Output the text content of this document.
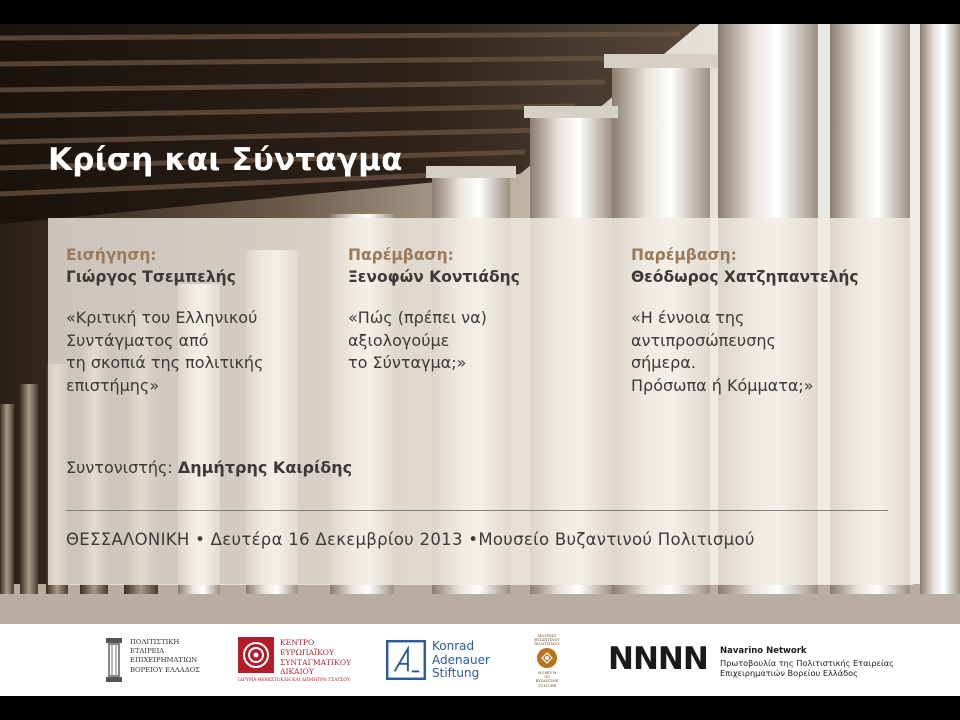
Κρίση και Σύνταγμα
Εισήγηση:
Γιώργος Τσεμπελής
«Κριτική του Ελληνικού
Συντάγματος από
τη σκοπιά της πολιτικής
επιστήμης»
Παρέμβαση:
Ξενοφών Κοντιάδης
«Πώς (πρέπει να)
αξιολογούμε
το Σύνταγμα;»
Παρέμβαση:
Θεόδωρος Χατζηπαντελής
«Η έννοια της
αντιπροσώπευσης
σήμερα.
Πρόσωπα ή Κόμματα;»
Συντονιστής: Δημήτρης Καιρίδης
ΘΕΣΣΑΛΟΝΙΚΗ • Δευτέρα 16 Δεκεμβρίου 2013 •Μουσείο Βυζαντινού Πολιτισμού
ΠΟΛΙΤΙΣΤΙΚΗ
ΕΤΑΙΡΕΙΑ
ΕΠΙΧΕΙΡΗΜΑΤΙΩΝ
ΒΟΡΕΙΟΥ ΕΛΛΑΔΟΣ
ΚΕΝΤΡΟ
ΕΥΡΩΠΑΪΚΟΥ
ΣΥΝΤΑΓΜΑΤΙΚΟΥ
ΔΙΚΑΙΟΥ
ΙΔΡΥΜΑ ΘΕΜΙΣΤΟΚΛΗ ΚΑΙ ΔΗΜΗΤΡΗ ΤΣΑΤΣΟΥ
Konrad
Adenauer
Stiftung
ΜΟΥΣΕΙΟ
ΒΥΖΑΝΤΙΝΟΥ
ΠΟΛΙΤΙΣΜΟΥ
MUSEUM
OF BYZANTINE
CULTURE
NNNN Navarino Network
Πρωτοβουλία της Πολιτιστικής Εταιρείας
Επιχειρηματιών Βορείου Ελλάδος
